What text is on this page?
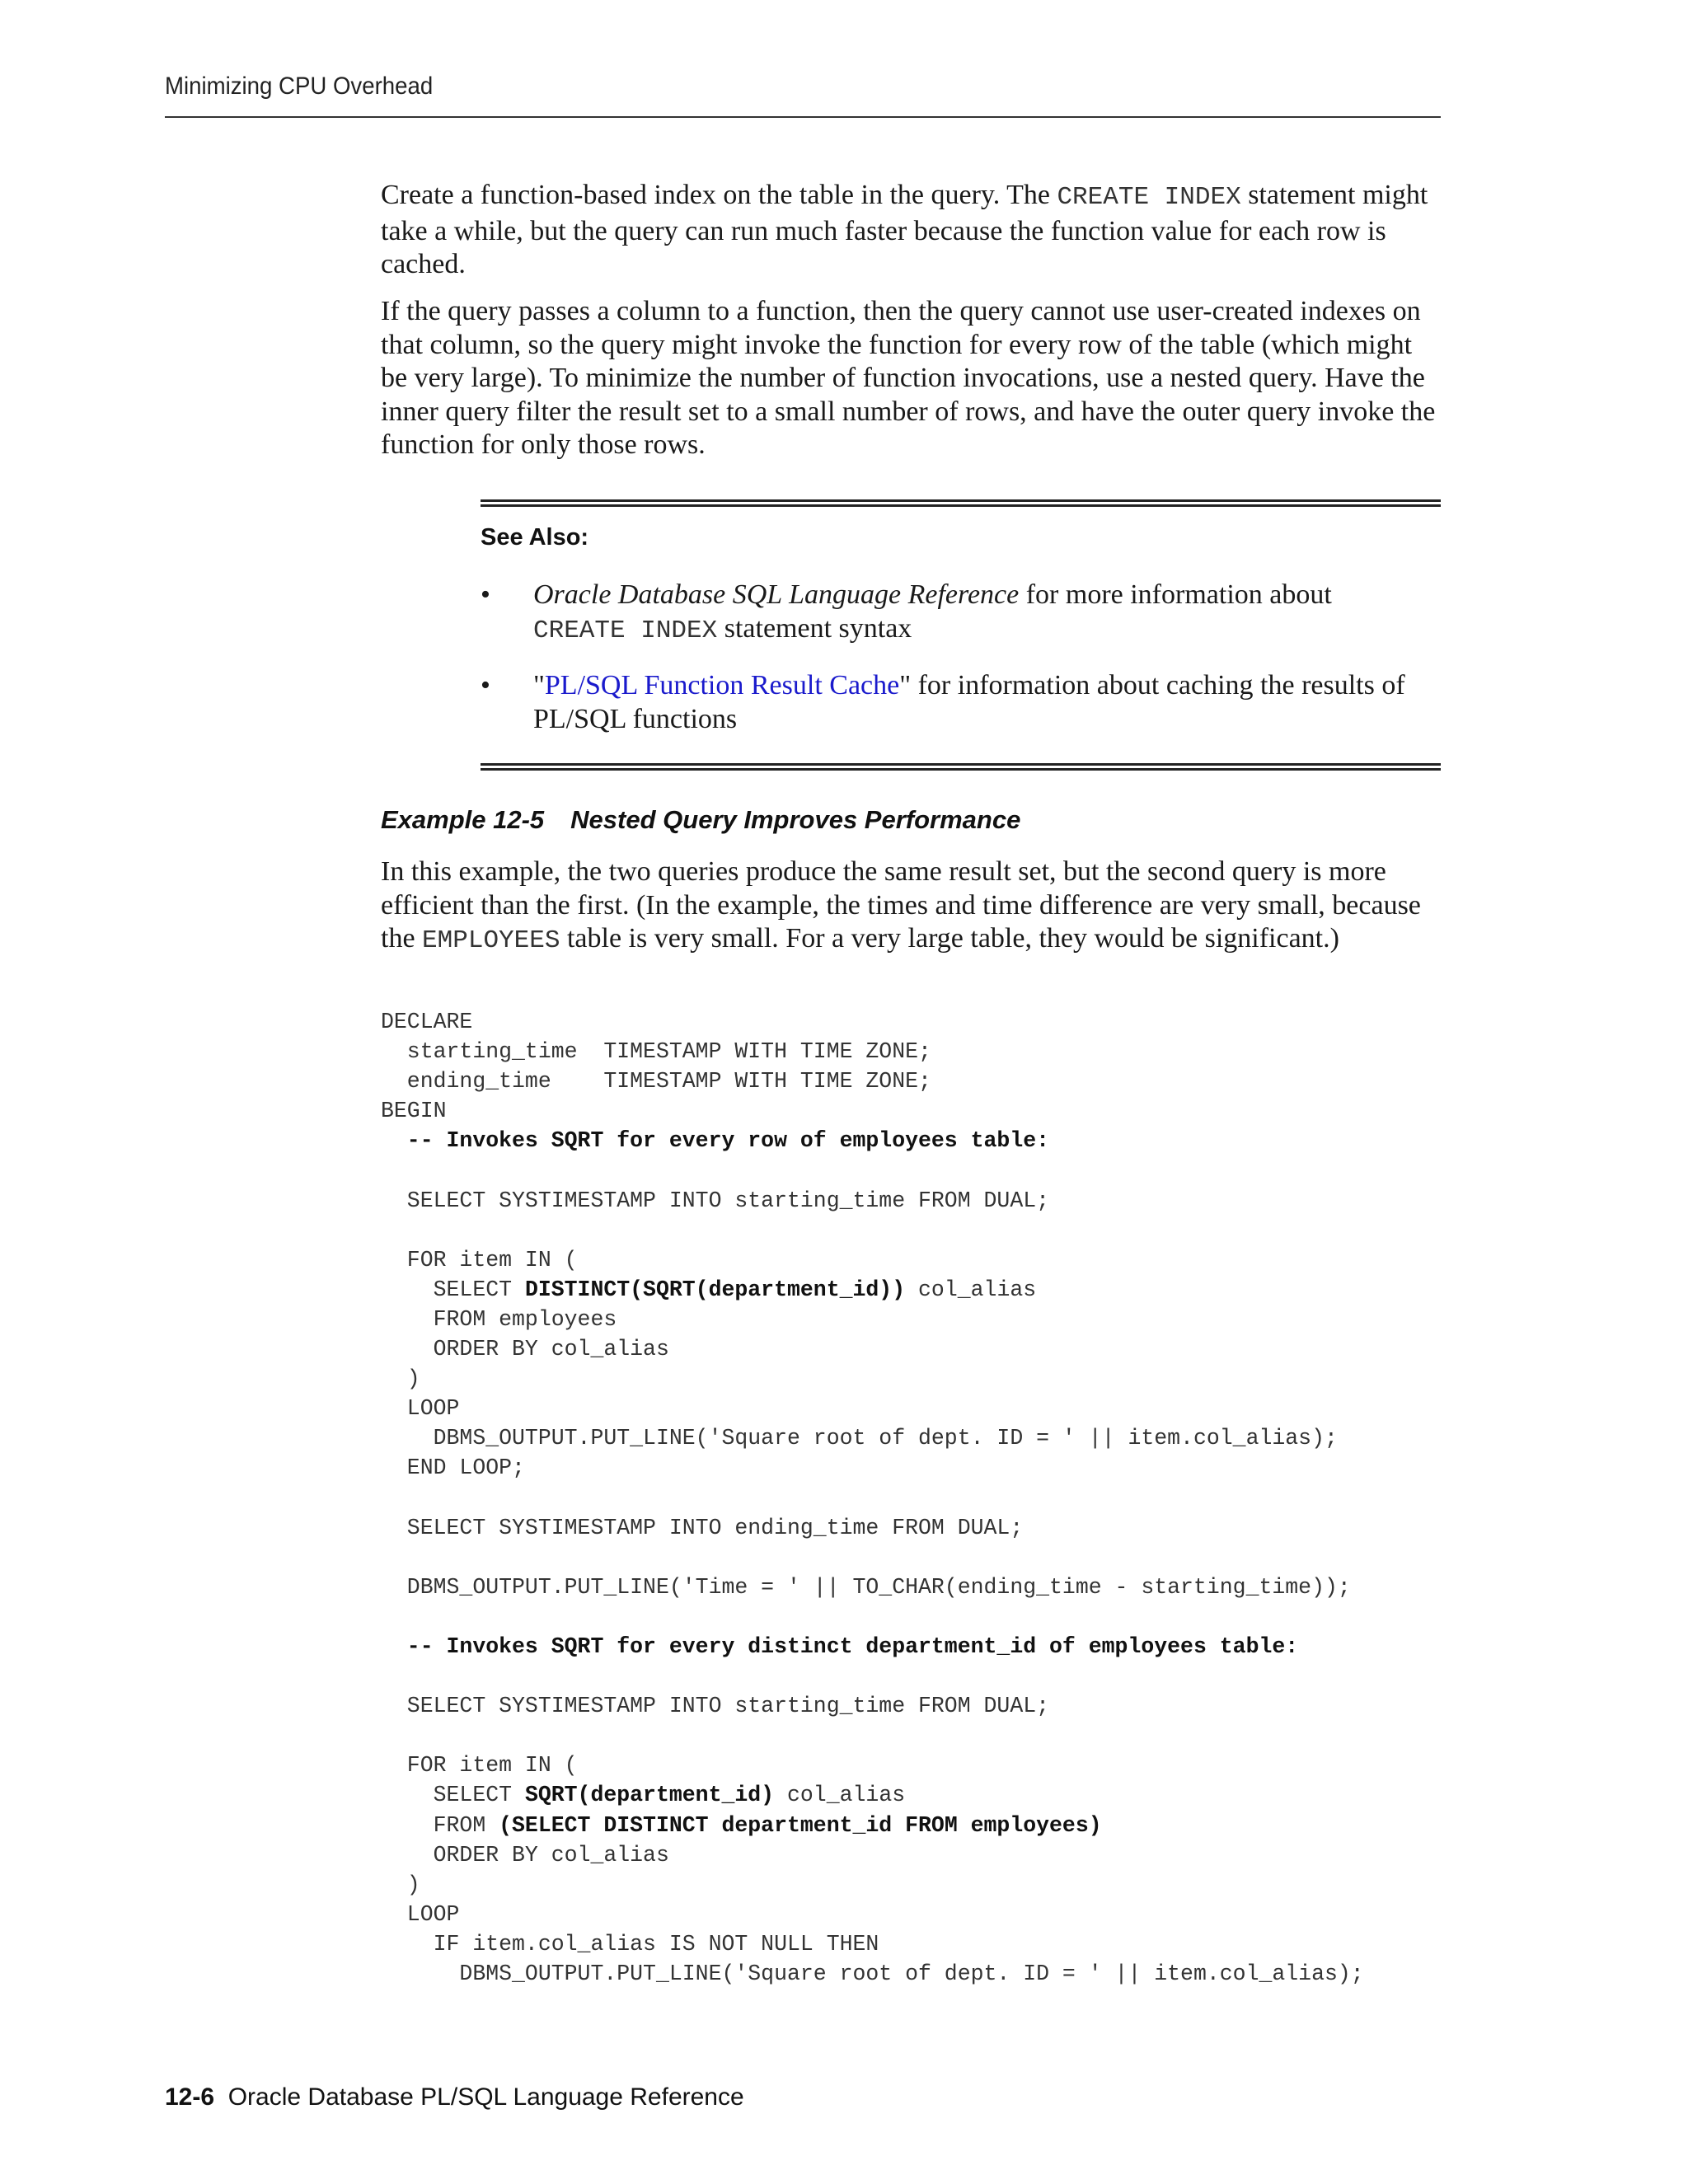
Minimizing CPU Overhead

Create a function-based index on the table in the query. The CREATE INDEX statement might take a while, but the query can run much faster because the function value for each row is cached.

If the query passes a column to a function, then the query cannot use user-created indexes on that column, so the query might invoke the function for every row of the table (which might be very large). To minimize the number of function invocations, use a nested query. Have the inner query filter the result set to a small number of rows, and have the outer query invoke the function for only those rows.

See Also:
• Oracle Database SQL Language Reference for more information about
CREATE INDEX statement syntax
• "PL/SQL Function Result Cache" for information about caching the results of PL/SQL functions
Example 12-5 Nested Query Improves Performance

In this example, the two queries produce the same result set, but the second query is more efficient than the first. (In the example, the times and time difference are very small, because the EMPLOYEES table is very small. For a very large table, they would be significant.)

DECLARE
starting_time  TIMESTAMP WITH TIME ZONE;
ending_time    TIMESTAMP WITH TIME ZONE;
BEGIN
-- Invokes SQRT for every row of employees table:

SELECT SYSTIMESTAMP INTO starting_time FROM DUAL;

FOR item IN (
SELECT DISTINCT(SQRT(department_id)) col_alias
FROM employees
ORDER BY col_alias
)
LOOP
DBMS_OUTPUT.PUT_LINE('Square root of dept. ID = ' || item.col_alias);
END LOOP;

SELECT SYSTIMESTAMP INTO ending_time FROM DUAL;

DBMS_OUTPUT.PUT_LINE('Time = ' || TO_CHAR(ending_time - starting_time));

-- Invokes SQRT for every distinct department_id of employees table:

SELECT SYSTIMESTAMP INTO starting_time FROM DUAL;

FOR item IN (
SELECT SQRT(department_id) col_alias
FROM (SELECT DISTINCT department_id FROM employees)
ORDER BY col_alias
)
LOOP
IF item.col_alias IS NOT NULL THEN
DBMS_OUTPUT.PUT_LINE('Square root of dept. ID = ' || item.col_alias);
12-6 Oracle Database PL/SQL Language Reference
